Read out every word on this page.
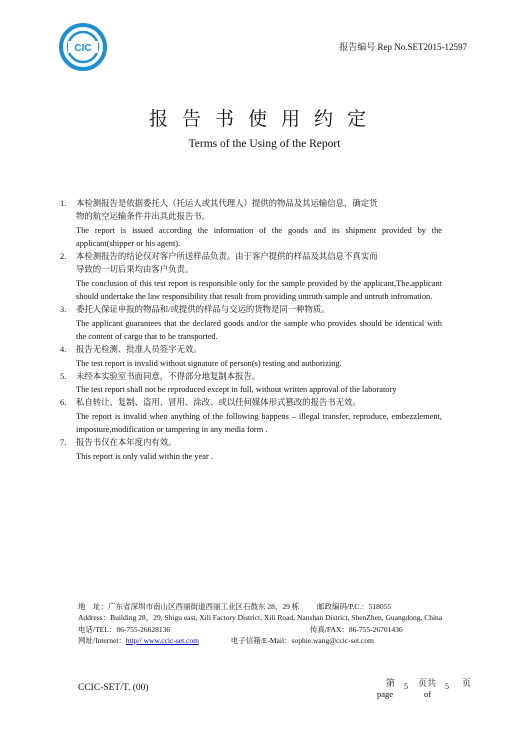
CIC	报告编号 Rep No.SET2015-12597
报告书使用约定
Terms of the Using of the Report
1. 本检测报告是依据委托人（托运人或其代理人）提供的物品及其运输信息，确定货
物的航空运输条件并出具此报告书。
The report is issued according the information of the goods and its shipment provided by the applicant(shipper or his agent).
2. 本检测报告的结论仅对客户所送样品负责。由于客户提供的样品及其信息不真实而
导致的一切后果均由客户负责。
The conclusion of this test report is responsible only for the sample provided by the applicant,The.applicant should undertake the law responsibility that result from providing untruth sample and untruth infromation.
3. 委托人保证申报的物品和/或提供的样品与交运的货物是同一种物质。
The applicant guarantees that the declared goods and/or the sample who provides should be identical with the content of cargo that to be transported.
4. 报告无检测、批准人员签字无效。
The test report is invalid without signature of person(s) testing and authorizing.
5. 未经本实验室书面同意，不得部分地复制本报告。
The test report shall not be reproduced except in full, without written approval of the laboratory
6. 私自转让、复制、盗用、冒用、涂改、或以任何媒体形式篡改的报告书无效。
The report is invalid when anything of the following happens – illegal transfer, reproduce, embezzlement, imposture,modification or tampering in any media form .
7. 报告书仅在本年度内有效。
This report is only valid within the year .
地　址：广东省深圳市南山区西丽街道西丽工业区石鼓东 28、29 栋 邮政编码/P.C.：518055
Address：Building 28，29, Shigu east, Xili Factory District, Xili Road, Nanshan District, ShenZhen, Guangdong, China
电话/TEL：86-755-26628136	传真/FAX：86-755-26701436
网址/Internet：http// www.ccic-set.com	电子信箱/E-Mail：sophie.wang@ccic-set.com
CCIC-SET/T. (00)	第
page
5 页共
of
5 页
